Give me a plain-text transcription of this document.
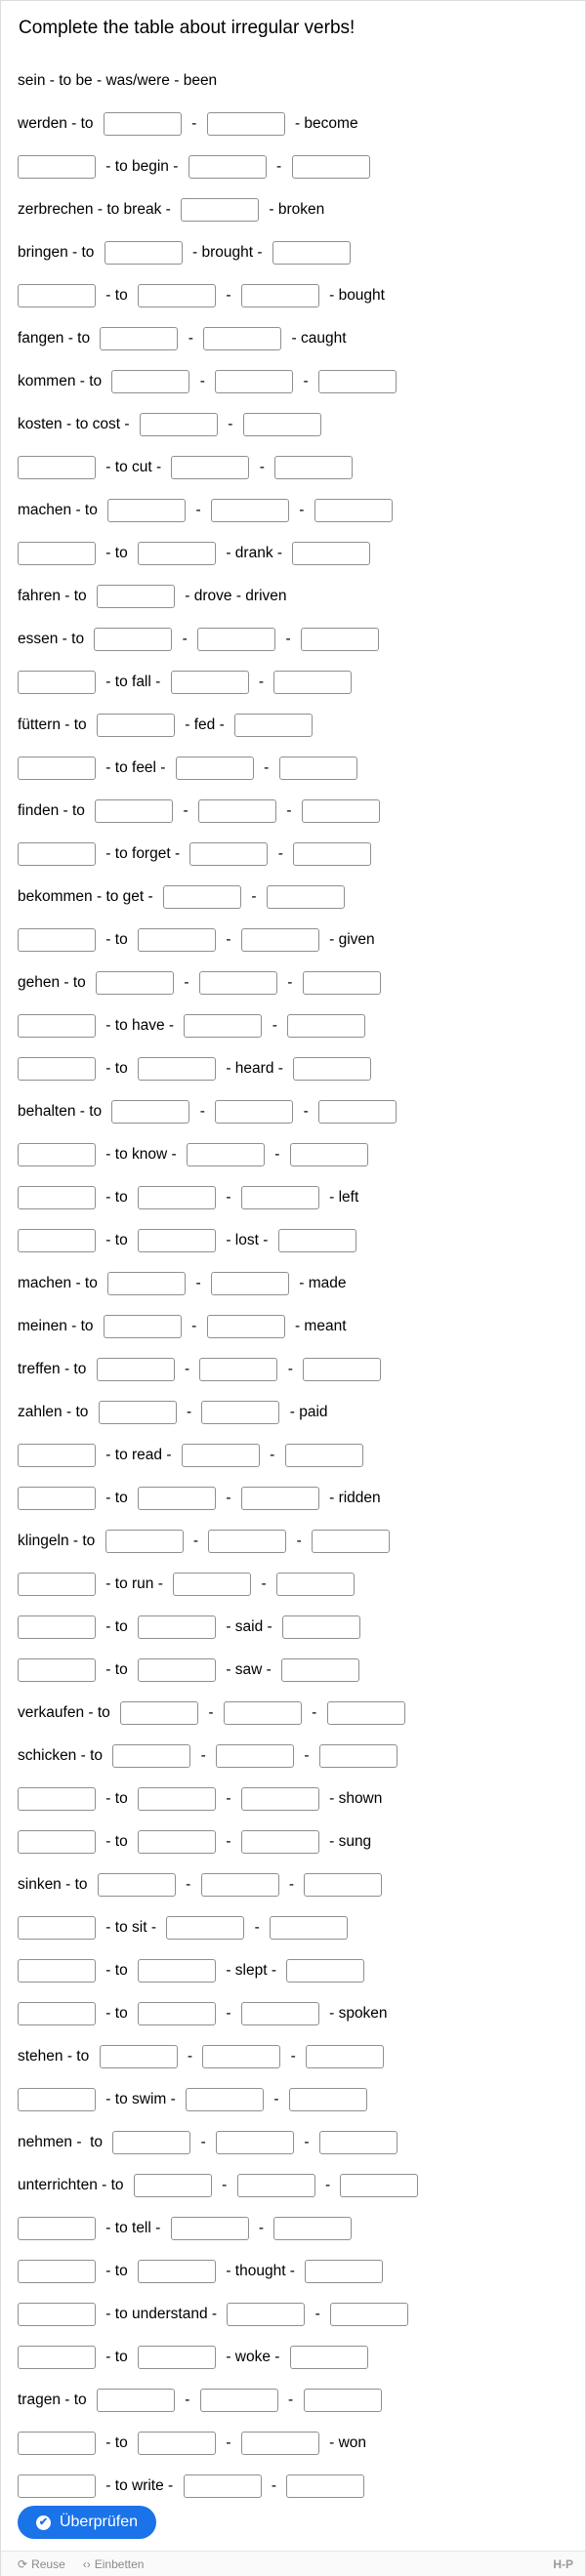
Complete the table about irregular verbs!
sein - to be - was/were - been
werden - to	-	- become
- to begin -	-
zerbrechen - to break -	- broken
bringen - to	- brought -
- to	-	- bought
fangen - to	-	- caught
kommen - to	-	-
kosten - to cost -	-
- to cut -	-
machen - to	-	-
- to	- drank -
fahren - to	- drove - driven
essen - to	-	-
- to fall -	-
füttern - to	- fed -
- to feel -	-
finden - to	-	-
- to forget -	-
bekommen - to get -	-
- to	-	- given
gehen - to	-	-
- to have -	-
- to	- heard -
behalten - to	-	-
- to know -	-
- to	-	- left
- to	- lost -
machen - to	-	- made
meinen - to	-	- meant
treffen - to	-	-
zahlen - to	-	- paid
- to read -	-
- to	-	- ridden
klingeln - to	-	-
- to run -	-
- to	- said -
- to	- saw -
verkaufen - to	-	-
schicken - to	-	-
- to	-	- shown
- to	-	- sung
sinken - to	-	-
- to sit -	-
- to	- slept -
- to	-	- spoken
stehen - to	-	-
- to swim -	-
nehmen -  to	-	-
unterrichten - to	-	-
- to tell -	-
- to	- thought -
- to understand -	-
- to	- woke -
tragen - to	-	-
- to	-	- won
- to write -	-
✔ Überprüfen
⟳ Reuse ‹› Einbetten	H-P
